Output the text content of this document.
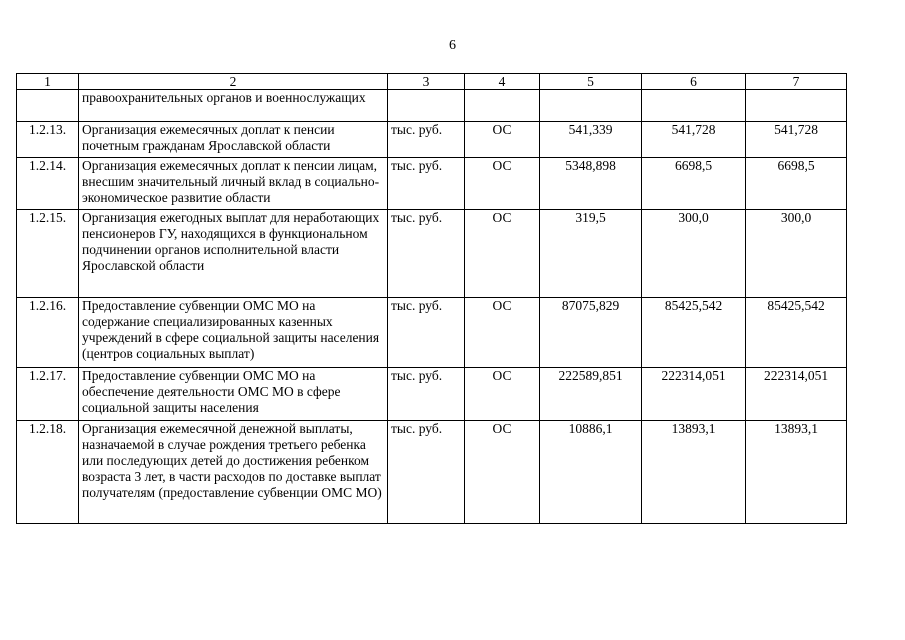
6
1	2	3	4	5	6	7
	правоохранительных органов и военнослужащих					
1.2.13.	Организация ежемесячных доплат к пенсии почетным гражданам Ярославской области	тыс. руб.	ОС	541,339	541,728	541,728
1.2.14.	Организация ежемесячных доплат к пенсии лицам, внесшим значительный личный вклад в социально-экономическое развитие области	тыс. руб.	ОС	5348,898	6698,5	6698,5
1.2.15.	Организация ежегодных выплат для неработающих пенсионеров ГУ, находящихся в функциональном подчинении органов исполнительной власти Ярославской области	тыс. руб.	ОС	319,5	300,0	300,0
1.2.16.	Предоставление субвенции ОМС МО на содержание специализированных казенных учреждений в сфере социальной защиты населения (центров социальных выплат)	тыс. руб.	ОС	87075,829	85425,542	85425,542
1.2.17.	Предоставление субвенции ОМС МО на обеспечение деятельности ОМС МО в сфере социальной защиты населения	тыс. руб.	ОС	222589,851	222314,051	222314,051
1.2.18.	Организация ежемесячной денежной выплаты, назначаемой в случае рождения третьего ребенка или последующих детей до достижения ребенком возраста 3 лет, в части расходов по доставке выплат получателям (предоставление субвенции ОМС МО)	тыс. руб.	ОС	10886,1	13893,1	13893,1
